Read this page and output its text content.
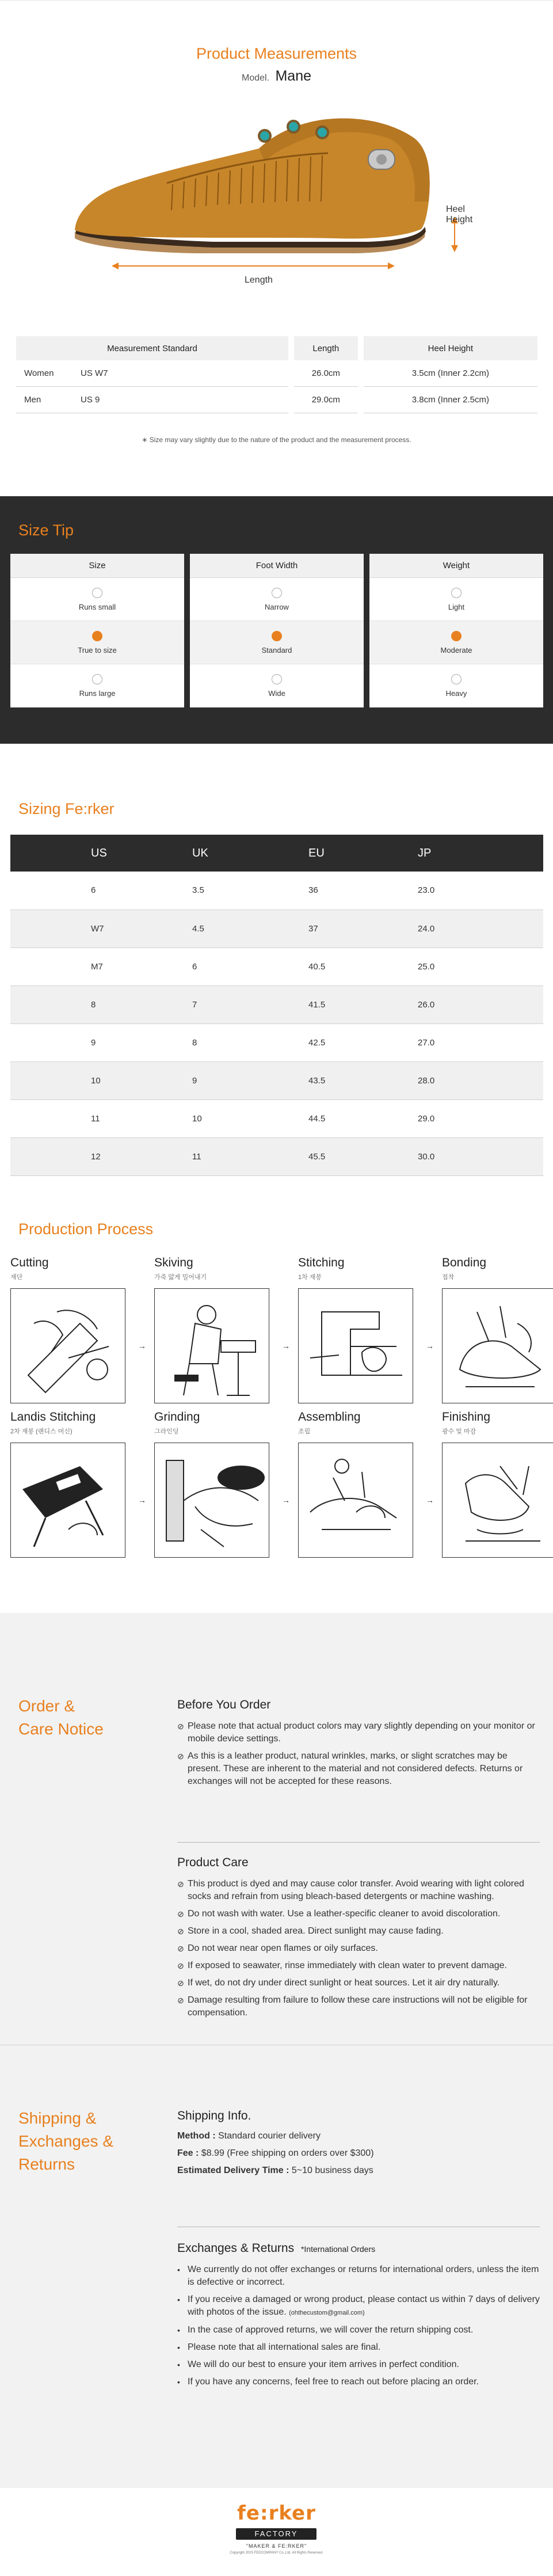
Product Measurements
Model. Mane
Heel Height
Length
Measurement Standard	Length	Heel Height
Women US W7	26.0cm	3.5cm (Inner 2.2cm)
Men US 9	29.0cm	3.8cm (Inner 2.5cm)
∗ Size may vary slightly due to the nature of the product and the measurement process.
Size Tip
Size
Runs small
True to size
Runs large
Foot Width
Narrow
Standard
Wide
Weight
Light
Moderate
Heavy
Sizing Fe:rker
US	UK	EU	JP
6	3.5	36	23.0
W7	4.5	37	24.0
M7	6	40.5	25.0
8	7	41.5	26.0
9	8	42.5	27.0
10	9	43.5	28.0
11	10	44.5	29.0
12	11	45.5	30.0
Production Process
Cutting
재단
→
Skiving
가죽 얇게 밀어내기
→
Stitching
1차 재봉
→
Bonding
접착
Landis Stitching
2차 재봉 (랜디스 머신)
→
Grinding
그라인딩
→
Assembling
조립
→
Finishing
광수 및 마감
Order &
Care Notice
Before You Order
⊘ Please note that actual product colors may vary slightly depending on your monitor or mobile device settings.
⊘ As this is a leather product, natural wrinkles, marks, or slight scratches may be present. These are inherent to the material and not considered defects. Returns or exchanges will not be accepted for these reasons.
Product Care
⊘ This product is dyed and may cause color transfer. Avoid wearing with light colored socks and refrain from using bleach-based detergents or machine washing.
⊘ Do not wash with water. Use a leather-specific cleaner to avoid discoloration.
⊘ Store in a cool, shaded area. Direct sunlight may cause fading.
⊘ Do not wear near open flames or oily surfaces.
⊘ If exposed to seawater, rinse immediately with clean water to prevent damage.
⊘ If wet, do not dry under direct sunlight or heat sources. Let it air dry naturally.
⊘ Damage resulting from failure to follow these care instructions will not be eligible for compensation.
Shipping &
Exchanges &
Returns
Shipping Info.
Method : Standard courier delivery
Fee : $8.99 (Free shipping on orders over $300)
Estimated Delivery Time : 5~10 business days
Exchanges & Returns *International Orders
• We currently do not offer exchanges or returns for international orders, unless the item is defective or incorrect.
• If you receive a damaged or wrong product, please contact us within 7 days of delivery with photos of the issue. (ohthecustom@gmail.com)
• In the case of approved returns, we will cover the return shipping cost.
• Please note that all international sales are final.
• We will do our best to ensure your item arrives in perfect condition.
• If you have any concerns, feel free to reach out before placing an order.
fe:rker
FACTORY
"MAKER & FE:RKER"
Copyright 2025 FEDCOMPANY Co.,Ltd. All Rights Reserved.
